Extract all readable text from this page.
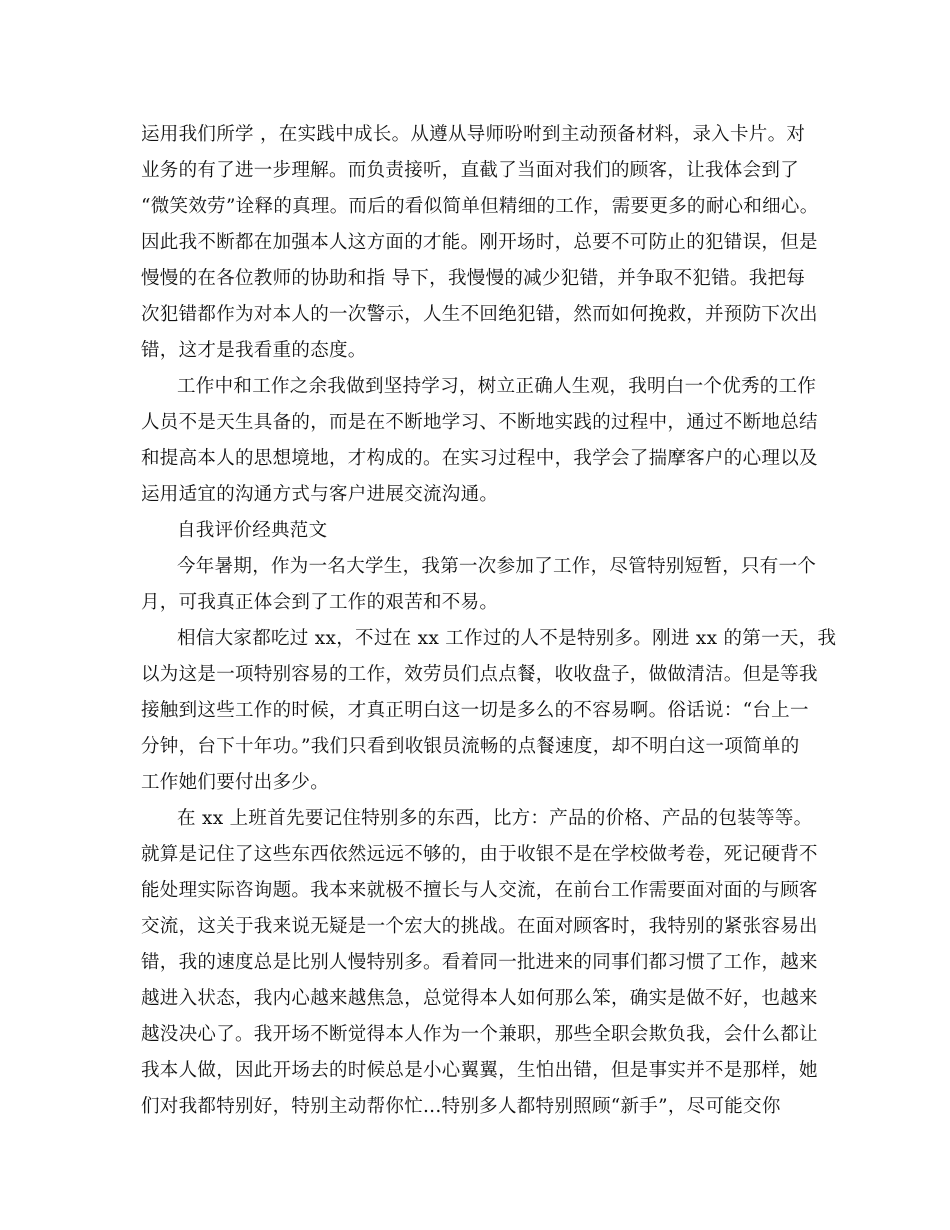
运用我们所学 ，在实践中成长。从遵从导师吩咐到主动预备材料，录入卡片。对
业务的有了进一步理解。而负责接听，直截了当面对我们的顾客，让我体会到了
“微笑效劳”诠释的真理。而后的看似简单但精细的工作，需要更多的耐心和细心。
因此我不断都在加强本人这方面的才能。刚开场时，总要不可防止的犯错误，但是
慢慢的在各位教师的协助和指 导下，我慢慢的减少犯错，并争取不犯错。我把每
次犯错都作为对本人的一次警示，人生不回绝犯错，然而如何挽救，并预防下次出
错，这才是我看重的态度。
工作中和工作之余我做到坚持学习，树立正确人生观，我明白一个优秀的工作
人员不是天生具备的，而是在不断地学习、不断地实践的过程中，通过不断地总结
和提高本人的思想境地，才构成的。在实习过程中，我学会了揣摩客户的心理以及
运用适宜的沟通方式与客户进展交流沟通。
自我评价经典范文
今年暑期，作为一名大学生，我第一次参加了工作，尽管特别短暂，只有一个
月，可我真正体会到了工作的艰苦和不易。
相信大家都吃过 xx，不过在 xx 工作过的人不是特别多。刚进 xx 的第一天，我
以为这是一项特别容易的工作，效劳员们点点餐，收收盘子，做做清洁。但是等我
接触到这些工作的时候，才真正明白这一切是多么的不容易啊。俗话说：“台上一
分钟，台下十年功。”我们只看到收银员流畅的点餐速度，却不明白这一项简单的
工作她们要付出多少。
在 xx 上班首先要记住特别多的东西，比方：产品的价格、产品的包装等等。
就算是记住了这些东西依然远远不够的，由于收银不是在学校做考卷，死记硬背不
能处理实际咨询题。我本来就极不擅长与人交流，在前台工作需要面对面的与顾客
交流，这关于我来说无疑是一个宏大的挑战。在面对顾客时，我特别的紧张容易出
错，我的速度总是比别人慢特别多。看着同一批进来的同事们都习惯了工作，越来
越进入状态，我内心越来越焦急，总觉得本人如何那么笨，确实是做不好，也越来
越没决心了。我开场不断觉得本人作为一个兼职，那些全职会欺负我，会什么都让
我本人做，因此开场去的时候总是小心翼翼，生怕出错，但是事实并不是那样，她
们对我都特别好，特别主动帮你忙...特别多人都特别照顾“新手”，尽可能交你
